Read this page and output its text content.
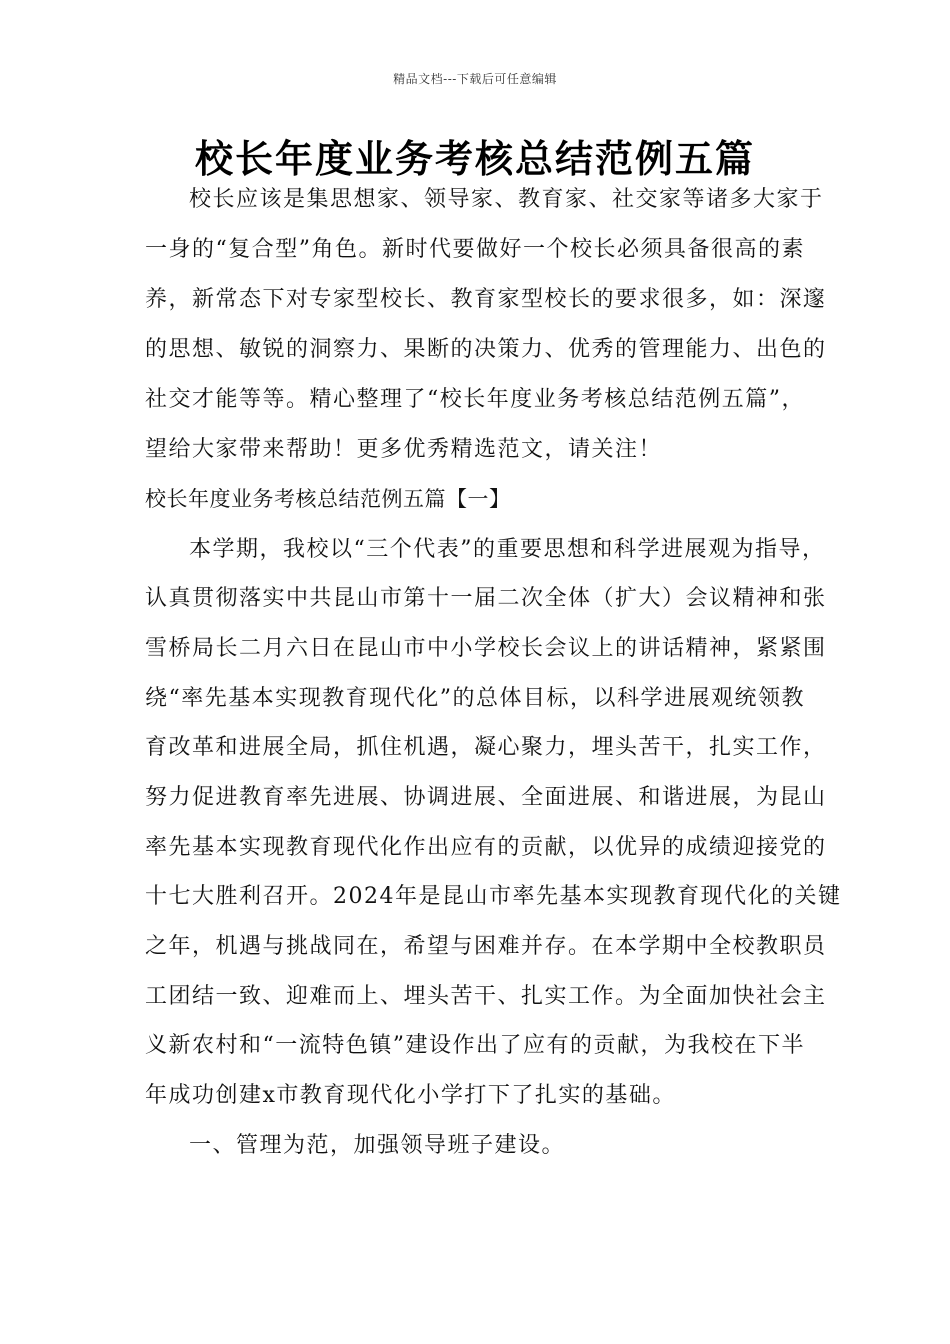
精品文档---下载后可任意编辑
校长年度业务考核总结范例五篇
校长应该是集思想家、领导家、教育家、社交家等诸多大家于
一身的“复合型”角色。新时代要做好一个校长必须具备很高的素
养，新常态下对专家型校长、教育家型校长的要求很多，如：深邃
的思想、敏锐的洞察力、果断的决策力、优秀的管理能力、出色的
社交才能等等。精心整理了“校长年度业务考核总结范例五篇”，
望给大家带来帮助！更多优秀精选范文，请关注！
校长年度业务考核总结范例五篇【一】
本学期，我校以“三个代表”的重要思想和科学进展观为指导，
认真贯彻落实中共昆山市第十一届二次全体（扩大）会议精神和张
雪桥局长二月六日在昆山市中小学校长会议上的讲话精神，紧紧围
绕“率先基本实现教育现代化”的总体目标，以科学进展观统领教
育改革和进展全局，抓住机遇，凝心聚力，埋头苦干，扎实工作，
努力促进教育率先进展、协调进展、全面进展、和谐进展，为昆山
率先基本实现教育现代化作出应有的贡献，以优异的成绩迎接党的
十七大胜利召开。2024年是昆山市率先基本实现教育现代化的关键
之年，机遇与挑战同在，希望与困难并存。在本学期中全校教职员
工团结一致、迎难而上、埋头苦干、扎实工作。为全面加快社会主
义新农村和“一流特色镇”建设作出了应有的贡献，为我校在下半
年成功创建x市教育现代化小学打下了扎实的基础。
一、管理为范，加强领导班子建设。
